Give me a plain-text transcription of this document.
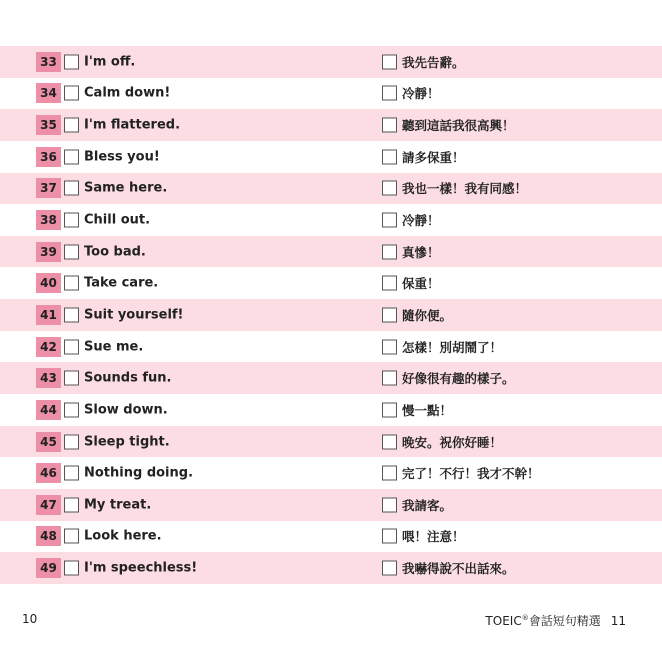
33	I'm off.	我先告辭。
34	Calm down!	冷靜！
35	I'm flattered.	聽到這話我很高興！
36	Bless you!	請多保重！
37	Same here.	我也一樣！我有同感！
38	Chill out.	冷靜！
39	Too bad.	真慘！
40	Take care.	保重！
41	Suit yourself!	隨你便。
42	Sue me.	怎樣！別胡鬧了！
43	Sounds fun.	好像很有趣的樣子。
44	Slow down.	慢一點！
45	Sleep tight.	晚安。祝你好睡！
46	Nothing doing.	完了！不行！我才不幹！
47	My treat.	我請客。
48	Look here.	喂！注意！
49	I'm speechless!	我嚇得說不出話來。
10	TOEIC®會話短句精選 11
